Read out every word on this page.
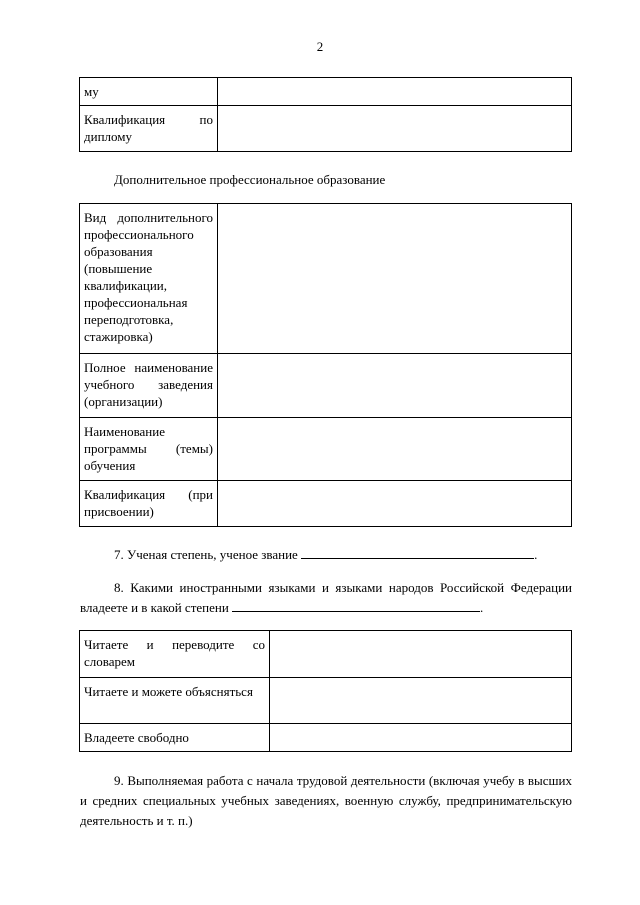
2
му	
Квалификация по диплому	
Дополнительное профессиональное образование
Вид дополнительного профессионального образования (повышение квалификации, профессиональная переподготовка, стажировка)	
Полное наименование учебного заведения (организации)	
Наименование программы (темы) обучения	
Квалификация (при присвоении)	
7. Ученая степень, ученое звание	.
8. Какими иностранными языками и языками народов Российской Федерации владеете и в какой степени	.
Читаете и переводите со словарем	
Читаете и можете объясняться	
Владеете свободно	
9. Выполняемая работа с начала трудовой деятельности (включая учебу в высших и средних специальных учебных заведениях, военную службу, предпринимательскую деятельность и т. п.)
